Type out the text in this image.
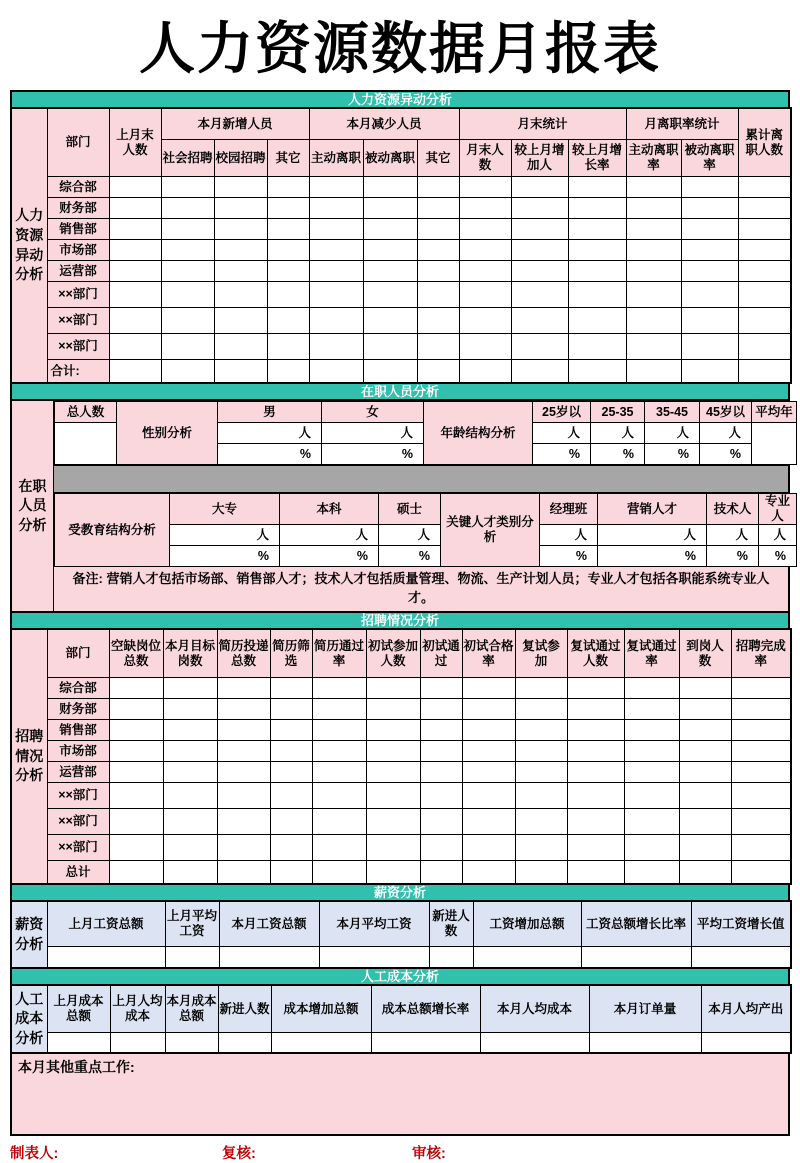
人力资源数据月报表
人力资源异动分析
人力资源异动分析	部门	上月末人数	本月新增人员			本月减少人员			月末统计			月离职率统计		累计离职人数
			社会招聘	校园招聘	其它	主动离职	被动离职	其它	月末人数	较上月增加人	较上月增长率	主动离职率	被动离职率	
	综合部													
	财务部													
	销售部													
	市场部													
	运营部													
	××部门													
	××部门													
	××部门													
	合计:													
在职人员分析
在职人员分析
总人数	性别分析	男	女	年龄结构分析	25岁以	25-35	35-45	45岁以	平均年
		人	人		人	人	人	人	
		%	%		%	%	%	%	
受教育结构分析	大专	本科	硕士	关键人才类别分析	经理班	营销人才	技术人	专业人
	人	人	人		人	人	人	人
	%	%	%		%	%	%	%
备注: 营销人才包括市场部、销售部人才；技术人才包括质量管理、物流、生产计划人员；专业人才包括各职能系统专业人才。
招聘情况分析
招聘情况分析	部门	空缺岗位总数	本月目标岗数	简历投递总数	简历筛选	简历通过率	初试参加人数	初试通过	初试合格率	复试参加	复试通过人数	复试通过率	到岗人数	招聘完成率
	综合部													
	财务部													
	销售部													
	市场部													
	运营部													
	××部门													
	××部门													
	××部门													
	总计													
薪资分析
薪资分析	上月工资总额	上月平均工资	本月工资总额	本月平均工资	新进人数	工资增加总额	工资总额增长比率	平均工资增长值

人工成本分析
人工成本分析	上月成本总额	上月人均成本	本月成本总额	新进人数	成本增加总额	成本总额增长率	本月人均成本	本月订单量	本月人均产出

本月其他重点工作:
制表人:	复核:	审核:
